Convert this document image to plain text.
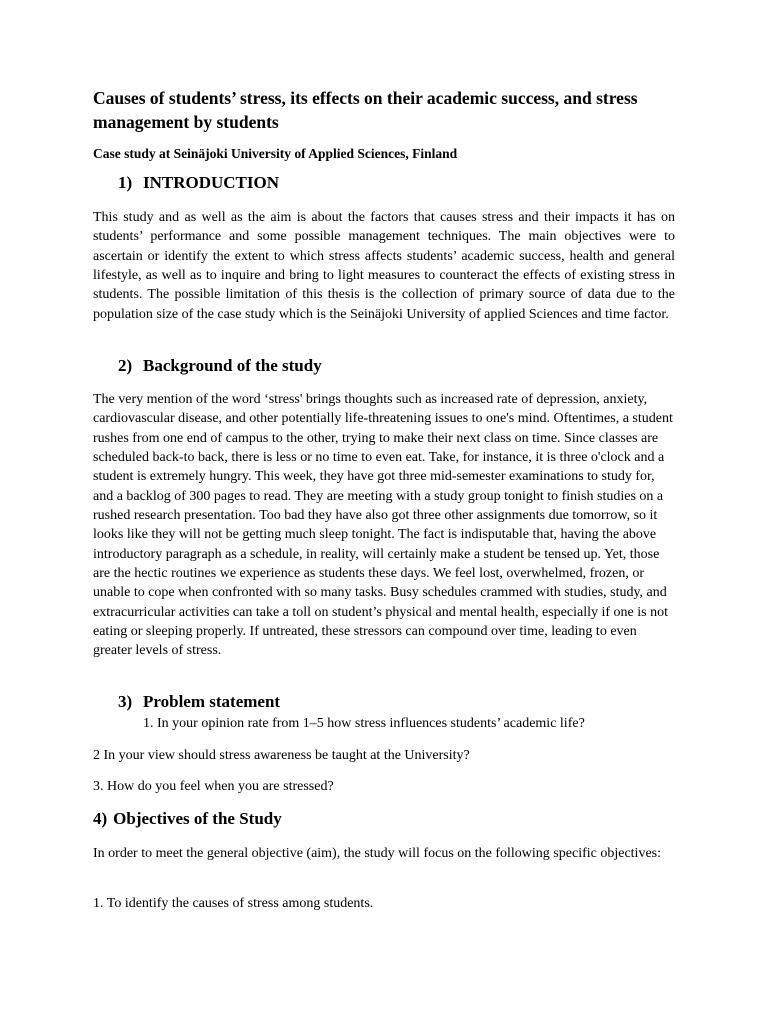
Causes of students’ stress, its effects on their academic success, and stress management by students
Case study at Seinäjoki University of Applied Sciences, Finland
1) INTRODUCTION
This study and as well as the aim is about the factors that causes stress and their impacts it has on students’ performance and some possible management techniques. The main objectives were to ascertain or identify the extent to which stress affects students’ academic success, health and general lifestyle, as well as to inquire and bring to light measures to counteract the effects of existing stress in students. The possible limitation of this thesis is the collection of primary source of data due to the population size of the case study which is the Seinäjoki University of applied Sciences and time factor.
2) Background of the study
The very mention of the word ‘stress' brings thoughts such as increased rate of depression, anxiety, cardiovascular disease, and other potentially life-threatening issues to one's mind. Oftentimes, a student rushes from one end of campus to the other, trying to make their next class on time. Since classes are scheduled back-to back, there is less or no time to even eat. Take, for instance, it is three o'clock and a student is extremely hungry. This week, they have got three mid-semester examinations to study for, and a backlog of 300 pages to read. They are meeting with a study group tonight to finish studies on a rushed research presentation. Too bad they have also got three other assignments due tomorrow, so it looks like they will not be getting much sleep tonight. The fact is indisputable that, having the above introductory paragraph as a schedule, in reality, will certainly make a student be tensed up. Yet, those are the hectic routines we experience as students these days. We feel lost, overwhelmed, frozen, or unable to cope when confronted with so many tasks. Busy schedules crammed with studies, study, and extracurricular activities can take a toll on student’s physical and mental health, especially if one is not eating or sleeping properly. If untreated, these stressors can compound over time, leading to even greater levels of stress.
3) Problem statement
1. In your opinion rate from 1–5 how stress influences students’ academic life?
2 In your view should stress awareness be taught at the University?
3. How do you feel when you are stressed?
4) Objectives of the Study
In order to meet the general objective (aim), the study will focus on the following specific objectives:
1. To identify the causes of stress among students.
